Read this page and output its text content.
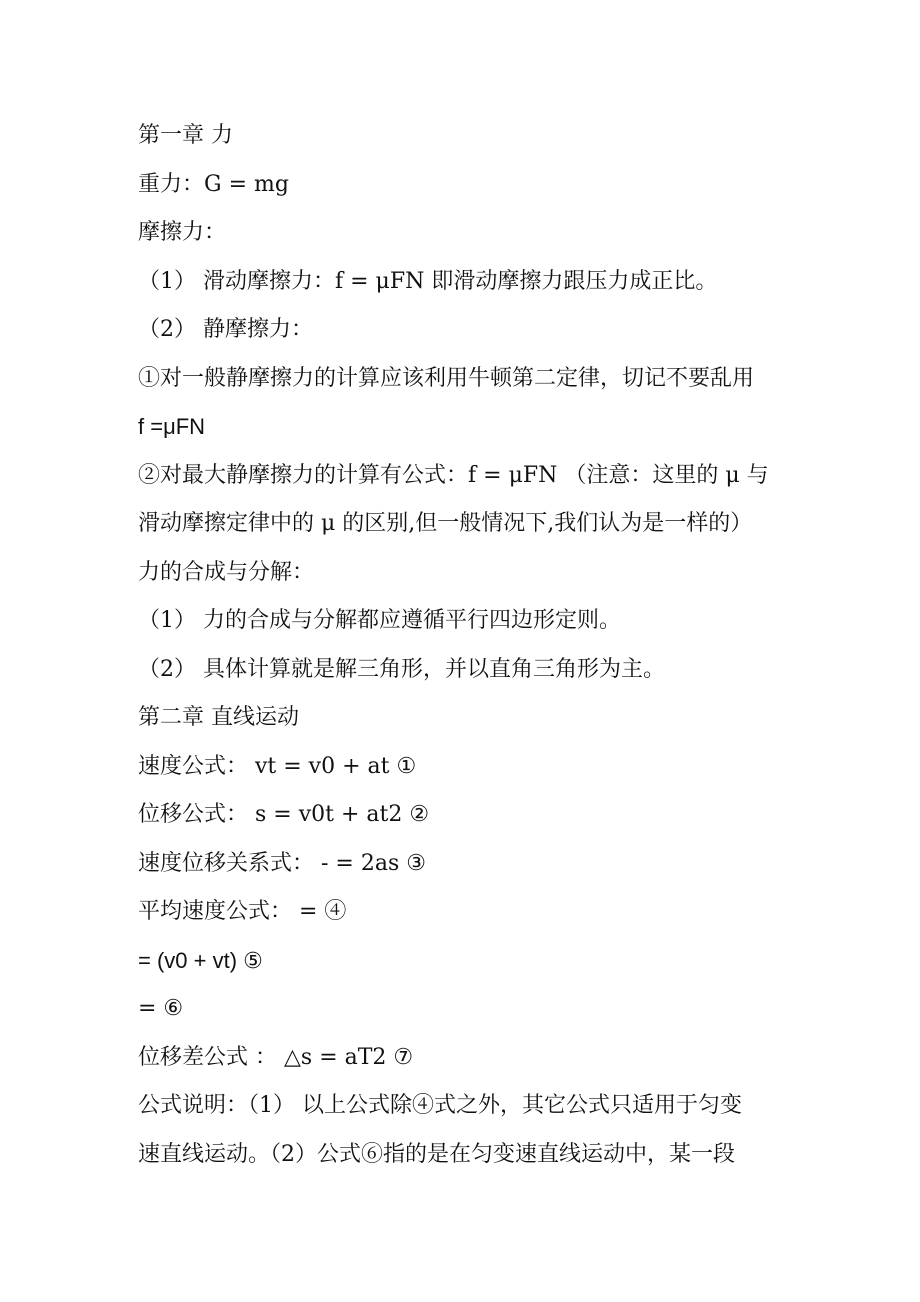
第一章 力
重力：G = mg
摩擦力：
（1） 滑动摩擦力：f = μFN 即滑动摩擦力跟压力成正比。
（2） 静摩擦力：
①对一般静摩擦力的计算应该利用牛顿第二定律，切记不要乱用
f =μFN
②对最大静摩擦力的计算有公式：f = μFN （注意：这里的 μ 与
滑动摩擦定律中的 μ 的区别,但一般情况下,我们认为是一样的）
力的合成与分解：
（1） 力的合成与分解都应遵循平行四边形定则。
（2） 具体计算就是解三角形，并以直角三角形为主。
第二章 直线运动
速度公式： vt = v0 + at ①
位移公式： s = v0t + at2 ②
速度位移关系式： - = 2as ③
平均速度公式： = ④
= (v0 + vt) ⑤
= ⑥
位移差公式 ： △s = aT2 ⑦
公式说明：（1） 以上公式除④式之外，其它公式只适用于匀变
速直线运动。（2）公式⑥指的是在匀变速直线运动中，某一段
